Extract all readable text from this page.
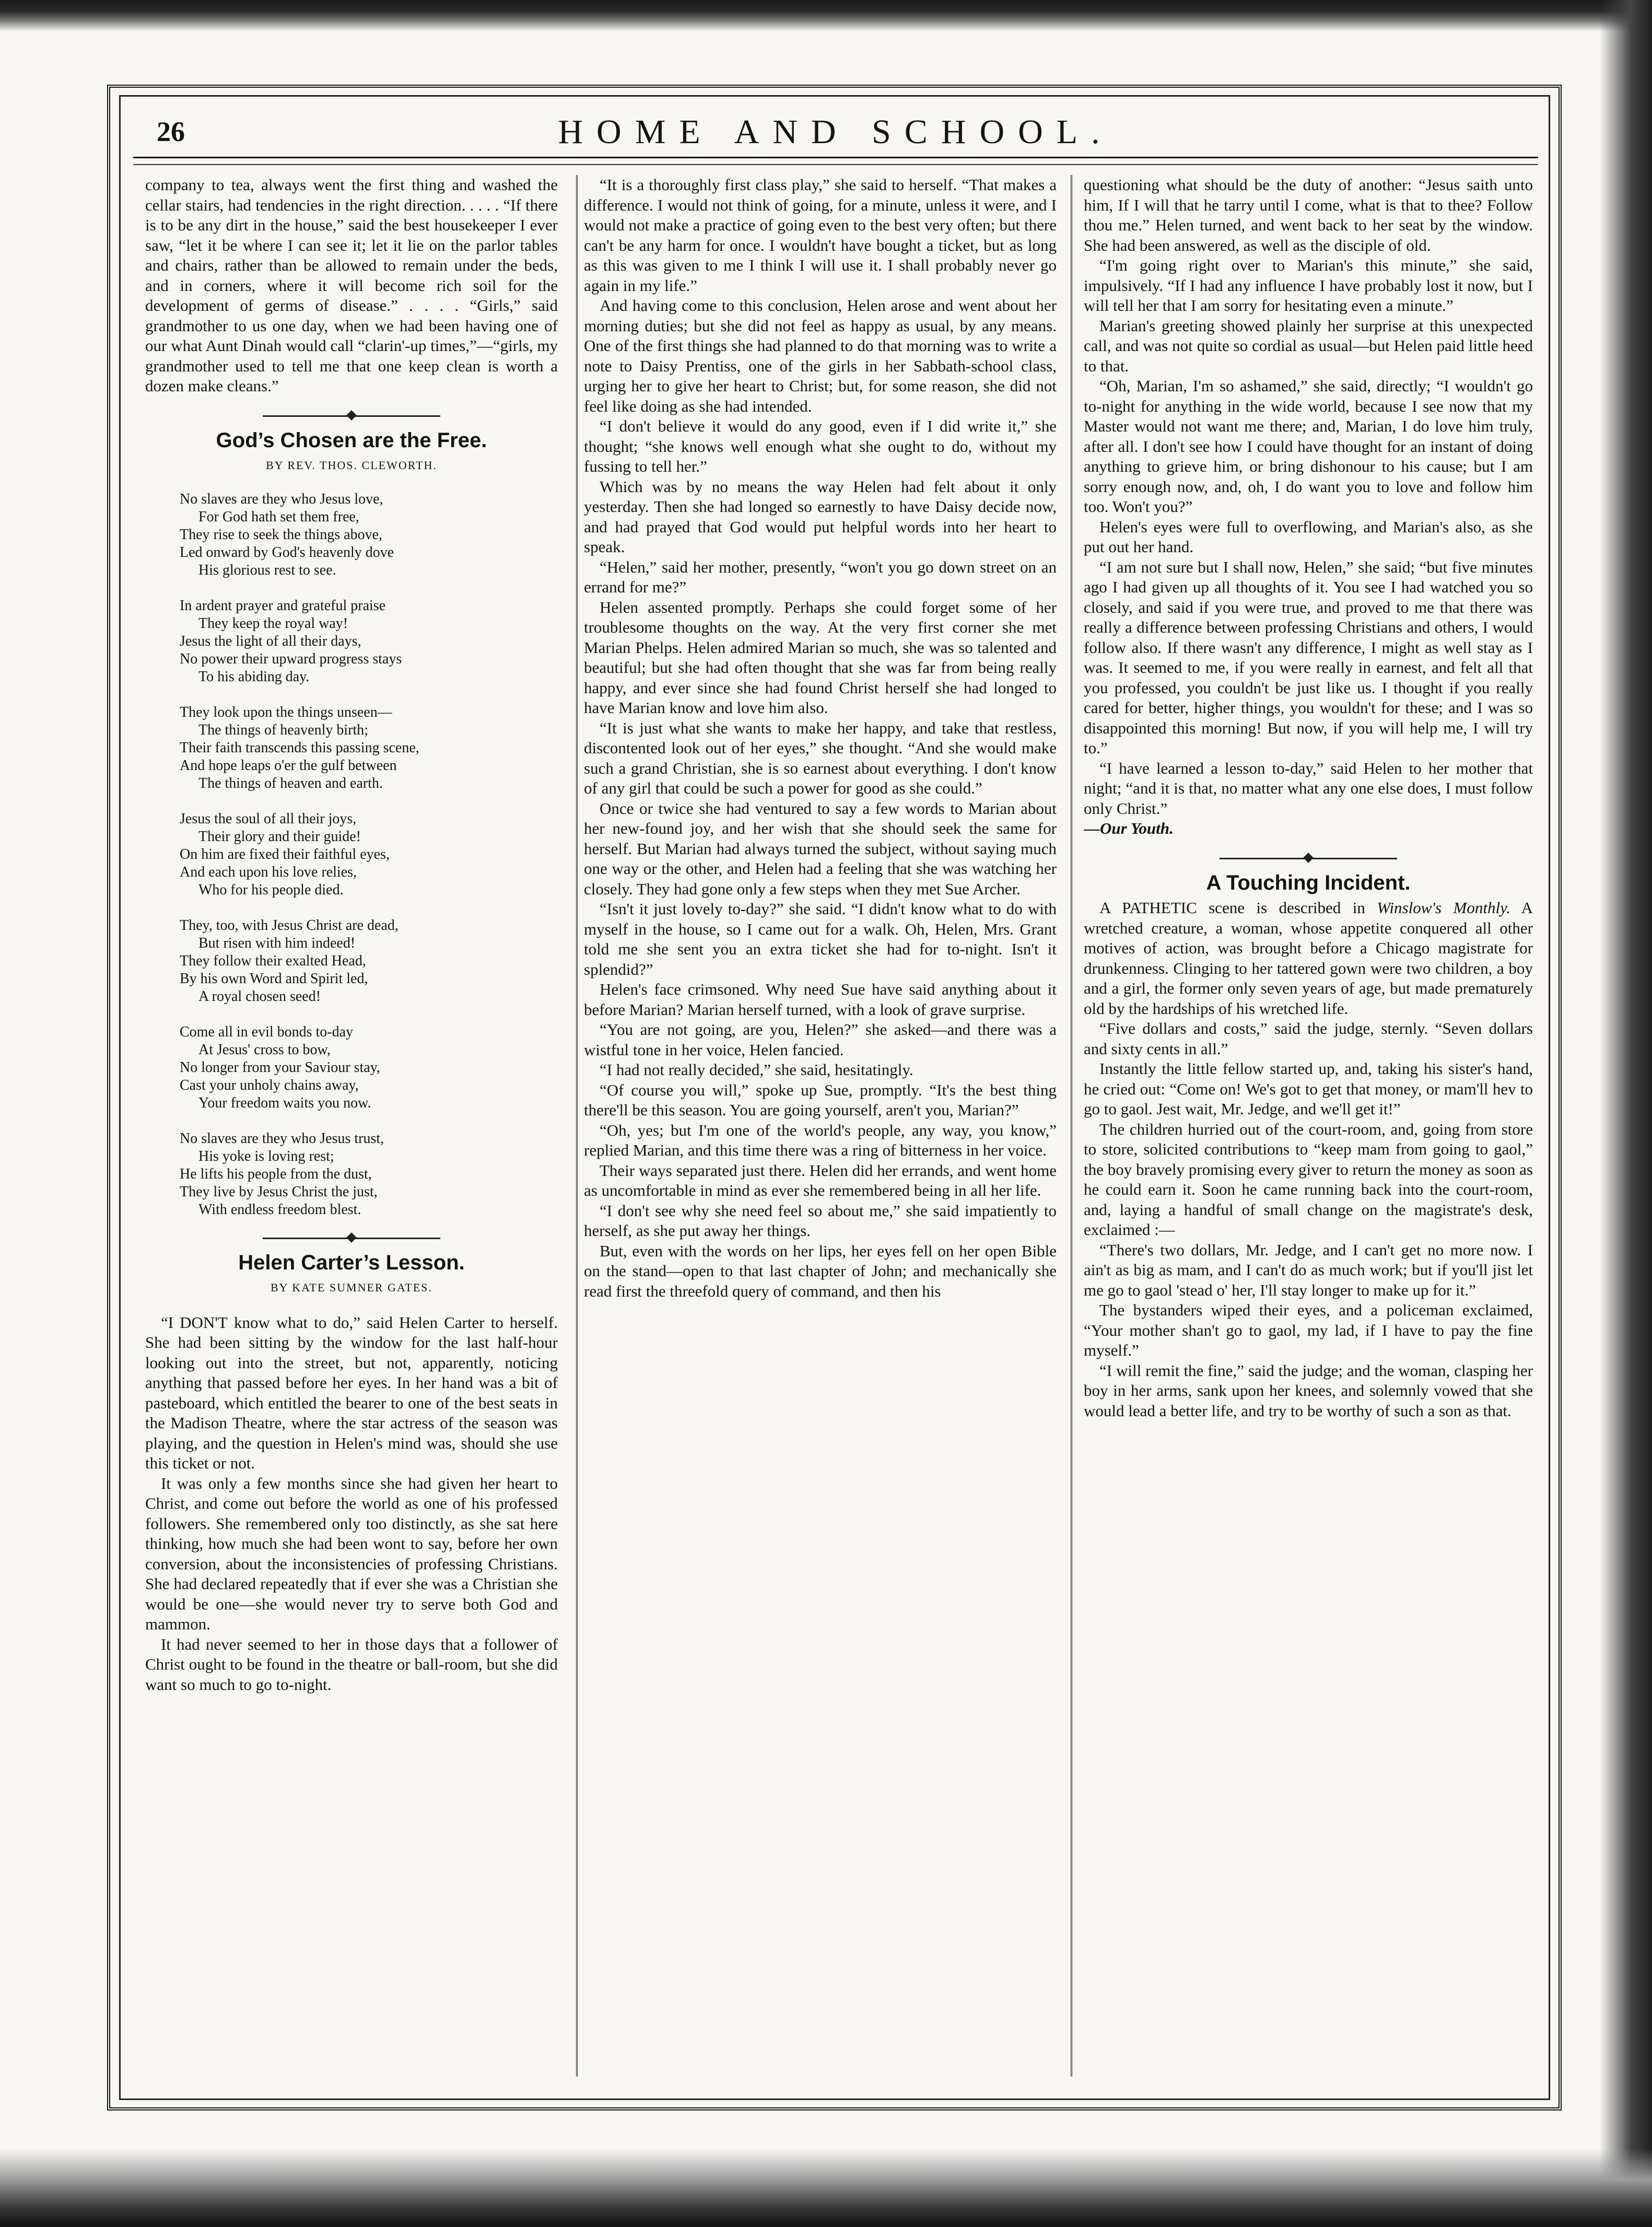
26	HOME AND SCHOOL.

company to tea, always went the first thing and washed the cellar stairs, had tendencies in the right direction. . . . . “If there is to be any dirt in the house,” said the best housekeeper I ever saw, “let it be where I can see it; let it lie on the parlor tables and chairs, rather than be allowed to remain under the beds, and in corners, where it will become rich soil for the development of germs of disease.” . . . . “Girls,” said grandmother to us one day, when we had been having one of our what Aunt Dinah would call “clarin'-up times,”—“girls, my grandmother used to tell me that one keep clean is worth a dozen make cleans.”

God’s Chosen are the Free.
BY REV. THOS. CLEWORTH.
No slaves are they who Jesus love,
For God hath set them free,
They rise to seek the things above,
Led onward by God's heavenly dove
His glorious rest to see.
In ardent prayer and grateful praise
They keep the royal way!
Jesus the light of all their days,
No power their upward progress stays
To his abiding day.
They look upon the things unseen—
The things of heavenly birth;
Their faith transcends this passing scene,
And hope leaps o'er the gulf between
The things of heaven and earth.
Jesus the soul of all their joys,
Their glory and their guide!
On him are fixed their faithful eyes,
And each upon his love relies,
Who for his people died.
They, too, with Jesus Christ are dead,
But risen with him indeed!
They follow their exalted Head,
By his own Word and Spirit led,
A royal chosen seed!
Come all in evil bonds to-day
At Jesus' cross to bow,
No longer from your Saviour stay,
Cast your unholy chains away,
Your freedom waits you now.
No slaves are they who Jesus trust,
His yoke is loving rest;
He lifts his people from the dust,
They live by Jesus Christ the just,
With endless freedom blest.
Helen Carter’s Lesson.
BY KATE SUMNER GATES.

“I DON'T know what to do,” said Helen Carter to herself. She had been sitting by the window for the last half-hour looking out into the street, but not, apparently, noticing anything that passed before her eyes. In her hand was a bit of pasteboard, which entitled the bearer to one of the best seats in the Madison Theatre, where the star actress of the season was playing, and the question in Helen's mind was, should she use this ticket or not.

It was only a few months since she had given her heart to Christ, and come out before the world as one of his professed followers. She remembered only too distinctly, as she sat here thinking, how much she had been wont to say, before her own conversion, about the inconsistencies of professing Christians. She had declared repeatedly that if ever she was a Christian she would be one—she would never try to serve both God and mammon.

It had never seemed to her in those days that a follower of Christ ought to be found in the theatre or ball-room, but she did want so much to go to-night.

“It is a thoroughly first class play,” she said to herself. “That makes a difference. I would not think of going, for a minute, unless it were, and I would not make a practice of going even to the best very often; but there can't be any harm for once. I wouldn't have bought a ticket, but as long as this was given to me I think I will use it. I shall probably never go again in my life.”

And having come to this conclusion, Helen arose and went about her morning duties; but she did not feel as happy as usual, by any means. One of the first things she had planned to do that morning was to write a note to Daisy Prentiss, one of the girls in her Sabbath-school class, urging her to give her heart to Christ; but, for some reason, she did not feel like doing as she had intended.

“I don't believe it would do any good, even if I did write it,” she thought; “she knows well enough what she ought to do, without my fussing to tell her.”

Which was by no means the way Helen had felt about it only yesterday. Then she had longed so earnestly to have Daisy decide now, and had prayed that God would put helpful words into her heart to speak.

“Helen,” said her mother, presently, “won't you go down street on an errand for me?”

Helen assented promptly. Perhaps she could forget some of her troublesome thoughts on the way. At the very first corner she met Marian Phelps. Helen admired Marian so much, she was so talented and beautiful; but she had often thought that she was far from being really happy, and ever since she had found Christ herself she had longed to have Marian know and love him also.

“It is just what she wants to make her happy, and take that restless, discontented look out of her eyes,” she thought. “And she would make such a grand Christian, she is so earnest about everything. I don't know of any girl that could be such a power for good as she could.”

Once or twice she had ventured to say a few words to Marian about her new-found joy, and her wish that she should seek the same for herself. But Marian had always turned the subject, without saying much one way or the other, and Helen had a feeling that she was watching her closely. They had gone only a few steps when they met Sue Archer.

“Isn't it just lovely to-day?” she said. “I didn't know what to do with myself in the house, so I came out for a walk. Oh, Helen, Mrs. Grant told me she sent you an extra ticket she had for to-night. Isn't it splendid?”

Helen's face crimsoned. Why need Sue have said anything about it before Marian? Marian herself turned, with a look of grave surprise.

“You are not going, are you, Helen?” she asked—and there was a wistful tone in her voice, Helen fancied.

“I had not really decided,” she said, hesitatingly.

“Of course you will,” spoke up Sue, promptly. “It's the best thing there'll be this season. You are going yourself, aren't you, Marian?”

“Oh, yes; but I'm one of the world's people, any way, you know,” replied Marian, and this time there was a ring of bitterness in her voice.

Their ways separated just there. Helen did her errands, and went home as uncomfortable in mind as ever she remembered being in all her life.

“I don't see why she need feel so about me,” she said impatiently to herself, as she put away her things.

But, even with the words on her lips, her eyes fell on her open Bible on the stand—open to that last chapter of John; and mechanically she read first the threefold query of command, and then his

questioning what should be the duty of another: “Jesus saith unto him, If I will that he tarry until I come, what is that to thee? Follow thou me.” Helen turned, and went back to her seat by the window. She had been answered, as well as the disciple of old.

“I'm going right over to Marian's this minute,” she said, impulsively. “If I had any influence I have probably lost it now, but I will tell her that I am sorry for hesitating even a minute.”

Marian's greeting showed plainly her surprise at this unexpected call, and was not quite so cordial as usual—but Helen paid little heed to that.

“Oh, Marian, I'm so ashamed,” she said, directly; “I wouldn't go to-night for anything in the wide world, because I see now that my Master would not want me there; and, Marian, I do love him truly, after all. I don't see how I could have thought for an instant of doing anything to grieve him, or bring dishonour to his cause; but I am sorry enough now, and, oh, I do want you to love and follow him too. Won't you?”

Helen's eyes were full to overflowing, and Marian's also, as she put out her hand.

“I am not sure but I shall now, Helen,” she said; “but five minutes ago I had given up all thoughts of it. You see I had watched you so closely, and said if you were true, and proved to me that there was really a difference between professing Christians and others, I would follow also. If there wasn't any difference, I might as well stay as I was. It seemed to me, if you were really in earnest, and felt all that you professed, you couldn't be just like us. I thought if you really cared for better, higher things, you wouldn't for these; and I was so disappointed this morning! But now, if you will help me, I will try to.”

“I have learned a lesson to-day,” said Helen to her mother that night; “and it is that, no matter what any one else does, I must follow only Christ.”

—Our Youth.

A Touching Incident.

A PATHETIC scene is described in Winslow's Monthly. A wretched creature, a woman, whose appetite conquered all other motives of action, was brought before a Chicago magistrate for drunkenness. Clinging to her tattered gown were two children, a boy and a girl, the former only seven years of age, but made prematurely old by the hardships of his wretched life.

“Five dollars and costs,” said the judge, sternly. “Seven dollars and sixty cents in all.”

Instantly the little fellow started up, and, taking his sister's hand, he cried out: “Come on! We's got to get that money, or mam'll hev to go to gaol. Jest wait, Mr. Jedge, and we'll get it!”

The children hurried out of the court-room, and, going from store to store, solicited contributions to “keep mam from going to gaol,” the boy bravely promising every giver to return the money as soon as he could earn it. Soon he came running back into the court-room, and, laying a handful of small change on the magistrate's desk, exclaimed :—

“There's two dollars, Mr. Jedge, and I can't get no more now. I ain't as big as mam, and I can't do as much work; but if you'll jist let me go to gaol 'stead o' her, I'll stay longer to make up for it.”

The bystanders wiped their eyes, and a policeman exclaimed, “Your mother shan't go to gaol, my lad, if I have to pay the fine myself.”

“I will remit the fine,” said the judge; and the woman, clasping her boy in her arms, sank upon her knees, and solemnly vowed that she would lead a better life, and try to be worthy of such a son as that.
